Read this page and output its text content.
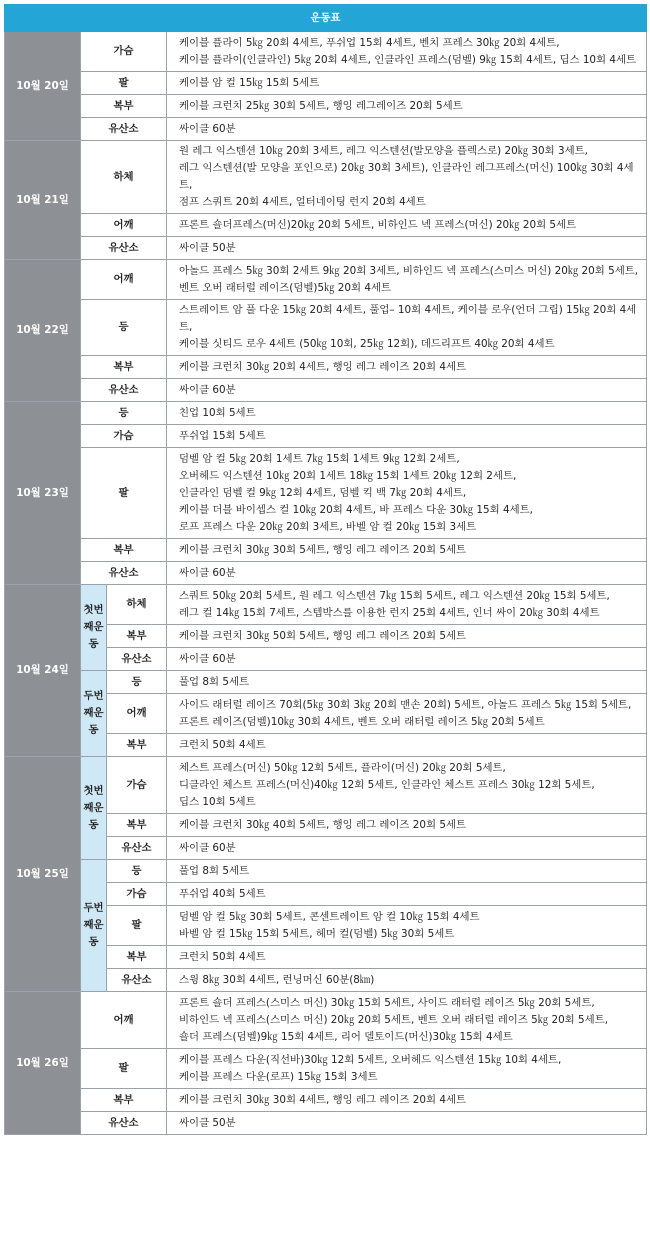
운동표			
10월 20일	가슴		케이블 플라이 5㎏ 20회 4세트, 푸쉬업 15회 4세트, 벤치 프레스 30㎏ 20회 4세트,
케이블 플라이(인클라인) 5㎏ 20회 4세트, 인클라인 프레스(덤벨) 9㎏ 15회 4세트, 딥스 10회 4세트

	팔		케이블 암 컬 15㎏ 15회 5세트

	복부		케이블 크런치 25㎏ 30회 5세트, 행잉 레그레이즈 20회 5세트

	유산소		싸이클 60분

10월 21일	하체		원 레그 익스텐션 10㎏ 20회 3세트, 레그 익스텐션(발모양을 플렉스로) 20㎏ 30회 3세트,
레그 익스텐션(발 모양을 포인으로) 20㎏ 30회 3세트), 인클라인 레그프레스(머신) 100㎏ 30회 4세트,
점프 스쿼트 20회 4세트, 얼터네이팅 런지 20회 4세트

	어깨		프론트 숄더프레스(머신)20㎏ 20회 5세트, 비하인드 넥 프레스(머신) 20㎏ 20회 5세트

	유산소		싸이클 50분

10월 22일	어깨		아놀드 프레스 5㎏ 30회 2세트 9㎏ 20회 3세트, 비하인드 넥 프레스(스미스 머신) 20㎏ 20회 5세트,
벤트 오버 래터럴 레이즈(덤벨)5㎏ 20회 4세트

	등		스트레이트 암 풀 다운 15㎏ 20회 4세트, 풀업– 10회 4세트, 케이블 로우(언더 그립) 15㎏ 20회 4세트,
케이블 싯티드 로우 4세트 (50㎏ 10회, 25㎏ 12회), 데드리프트 40㎏ 20회 4세트

	복부		케이블 크런치 30㎏ 20회 4세트, 행잉 레그 레이즈 20회 4세트

	유산소		싸이클 60분

10월 23일	등		친업 10회 5세트

	가슴		푸쉬업 15회 5세트

	팔		덤벨 암 컬 5㎏ 20회 1세트 7㎏ 15회 1세트 9㎏ 12회 2세트,
오버헤드 익스텐션 10㎏ 20회 1세트 18㎏ 15회 1세트 20㎏ 12회 2세트,
인클라인 덤벨 컬 9㎏ 12회 4세트, 덤벨 킥 백 7㎏ 20회 4세트,
케이블 더블 바이셉스 컬 10㎏ 20회 4세트, 바 프레스 다운 30㎏ 15회 4세트,
로프 프레스 다운 20㎏ 20회 3세트, 바벨 암 컬 20㎏ 15회 3세트

	복부		케이블 크런치 30㎏ 30회 5세트, 행잉 레그 레이즈 20회 5세트

	유산소		싸이클 60분

10월 24일	첫번째운동	하체	스쿼트 50㎏ 20회 5세트, 원 레그 익스텐션 7㎏ 15회 5세트, 레그 익스텐션 20㎏ 15회 5세트,
레그 컬 14㎏ 15회 7세트, 스텝박스를 이용한 런지 25회 4세트, 인너 싸이 20㎏ 30회 4세트

		복부	케이블 크런치 30㎏ 50회 5세트, 행잉 레그 레이즈 20회 5세트

		유산소	싸이클 60분

	두번째운동	등	풀업 8회 5세트

		어깨	사이드 래터럴 레이즈 70회(5㎏ 30회 3㎏ 20회 맨손 20회) 5세트, 아놀드 프레스 5㎏ 15회 5세트,
프론트 레이즈(덤벨)10㎏ 30회 4세트, 벤트 오버 래터럴 레이즈 5㎏ 20회 5세트

		복부	크런치 50회 4세트

10월 25일	첫번째운동	가슴	체스트 프레스(머신) 50㎏ 12회 5세트, 플라이(머신) 20㎏ 20회 5세트,
디클라인 체스트 프레스(머신)40㎏ 12회 5세트, 인클라인 체스트 프레스 30㎏ 12회 5세트,
딥스 10회 5세트

		복부	케이블 크런치 30㎏ 40회 5세트, 행잉 레그 레이즈 20회 5세트

		유산소	싸이클 60분

	두번째운동	등	풀업 8회 5세트

		가슴	푸쉬업 40회 5세트

		팔	덤벨 암 컬 5㎏ 30회 5세트, 콘센트레이트 암 컬 10㎏ 15회 4세트
바벨 암 컬 15㎏ 15회 5세트, 헤머 컬(덤벨) 5㎏ 30회 5세트

		복부	크런치 50회 4세트

		유산소	스윙 8㎏ 30회 4세트, 런닝머신 60분(8㎞)

10월 26일	어깨		프론트 숄더 프레스(스미스 머신) 30㎏ 15회 5세트, 사이드 래터럴 레이즈 5㎏ 20회 5세트,
비하인드 넥 프레스(스미스 머신) 20㎏ 20회 5세트, 벤트 오버 래터럴 레이즈 5㎏ 20회 5세트,
숄더 프레스(덤벨)9㎏ 15회 4세트, 리어 델토이드(머신)30㎏ 15회 4세트

	팔		케이블 프레스 다운(직선바)30㎏ 12회 5세트, 오버헤드 익스텐션 15㎏ 10회 4세트,
케이블 프레스 다운(로프) 15㎏ 15회 3세트

	복부		케이블 크런치 30㎏ 30회 4세트, 행잉 레그 레이즈 20회 4세트

	유산소		싸이클 50분
